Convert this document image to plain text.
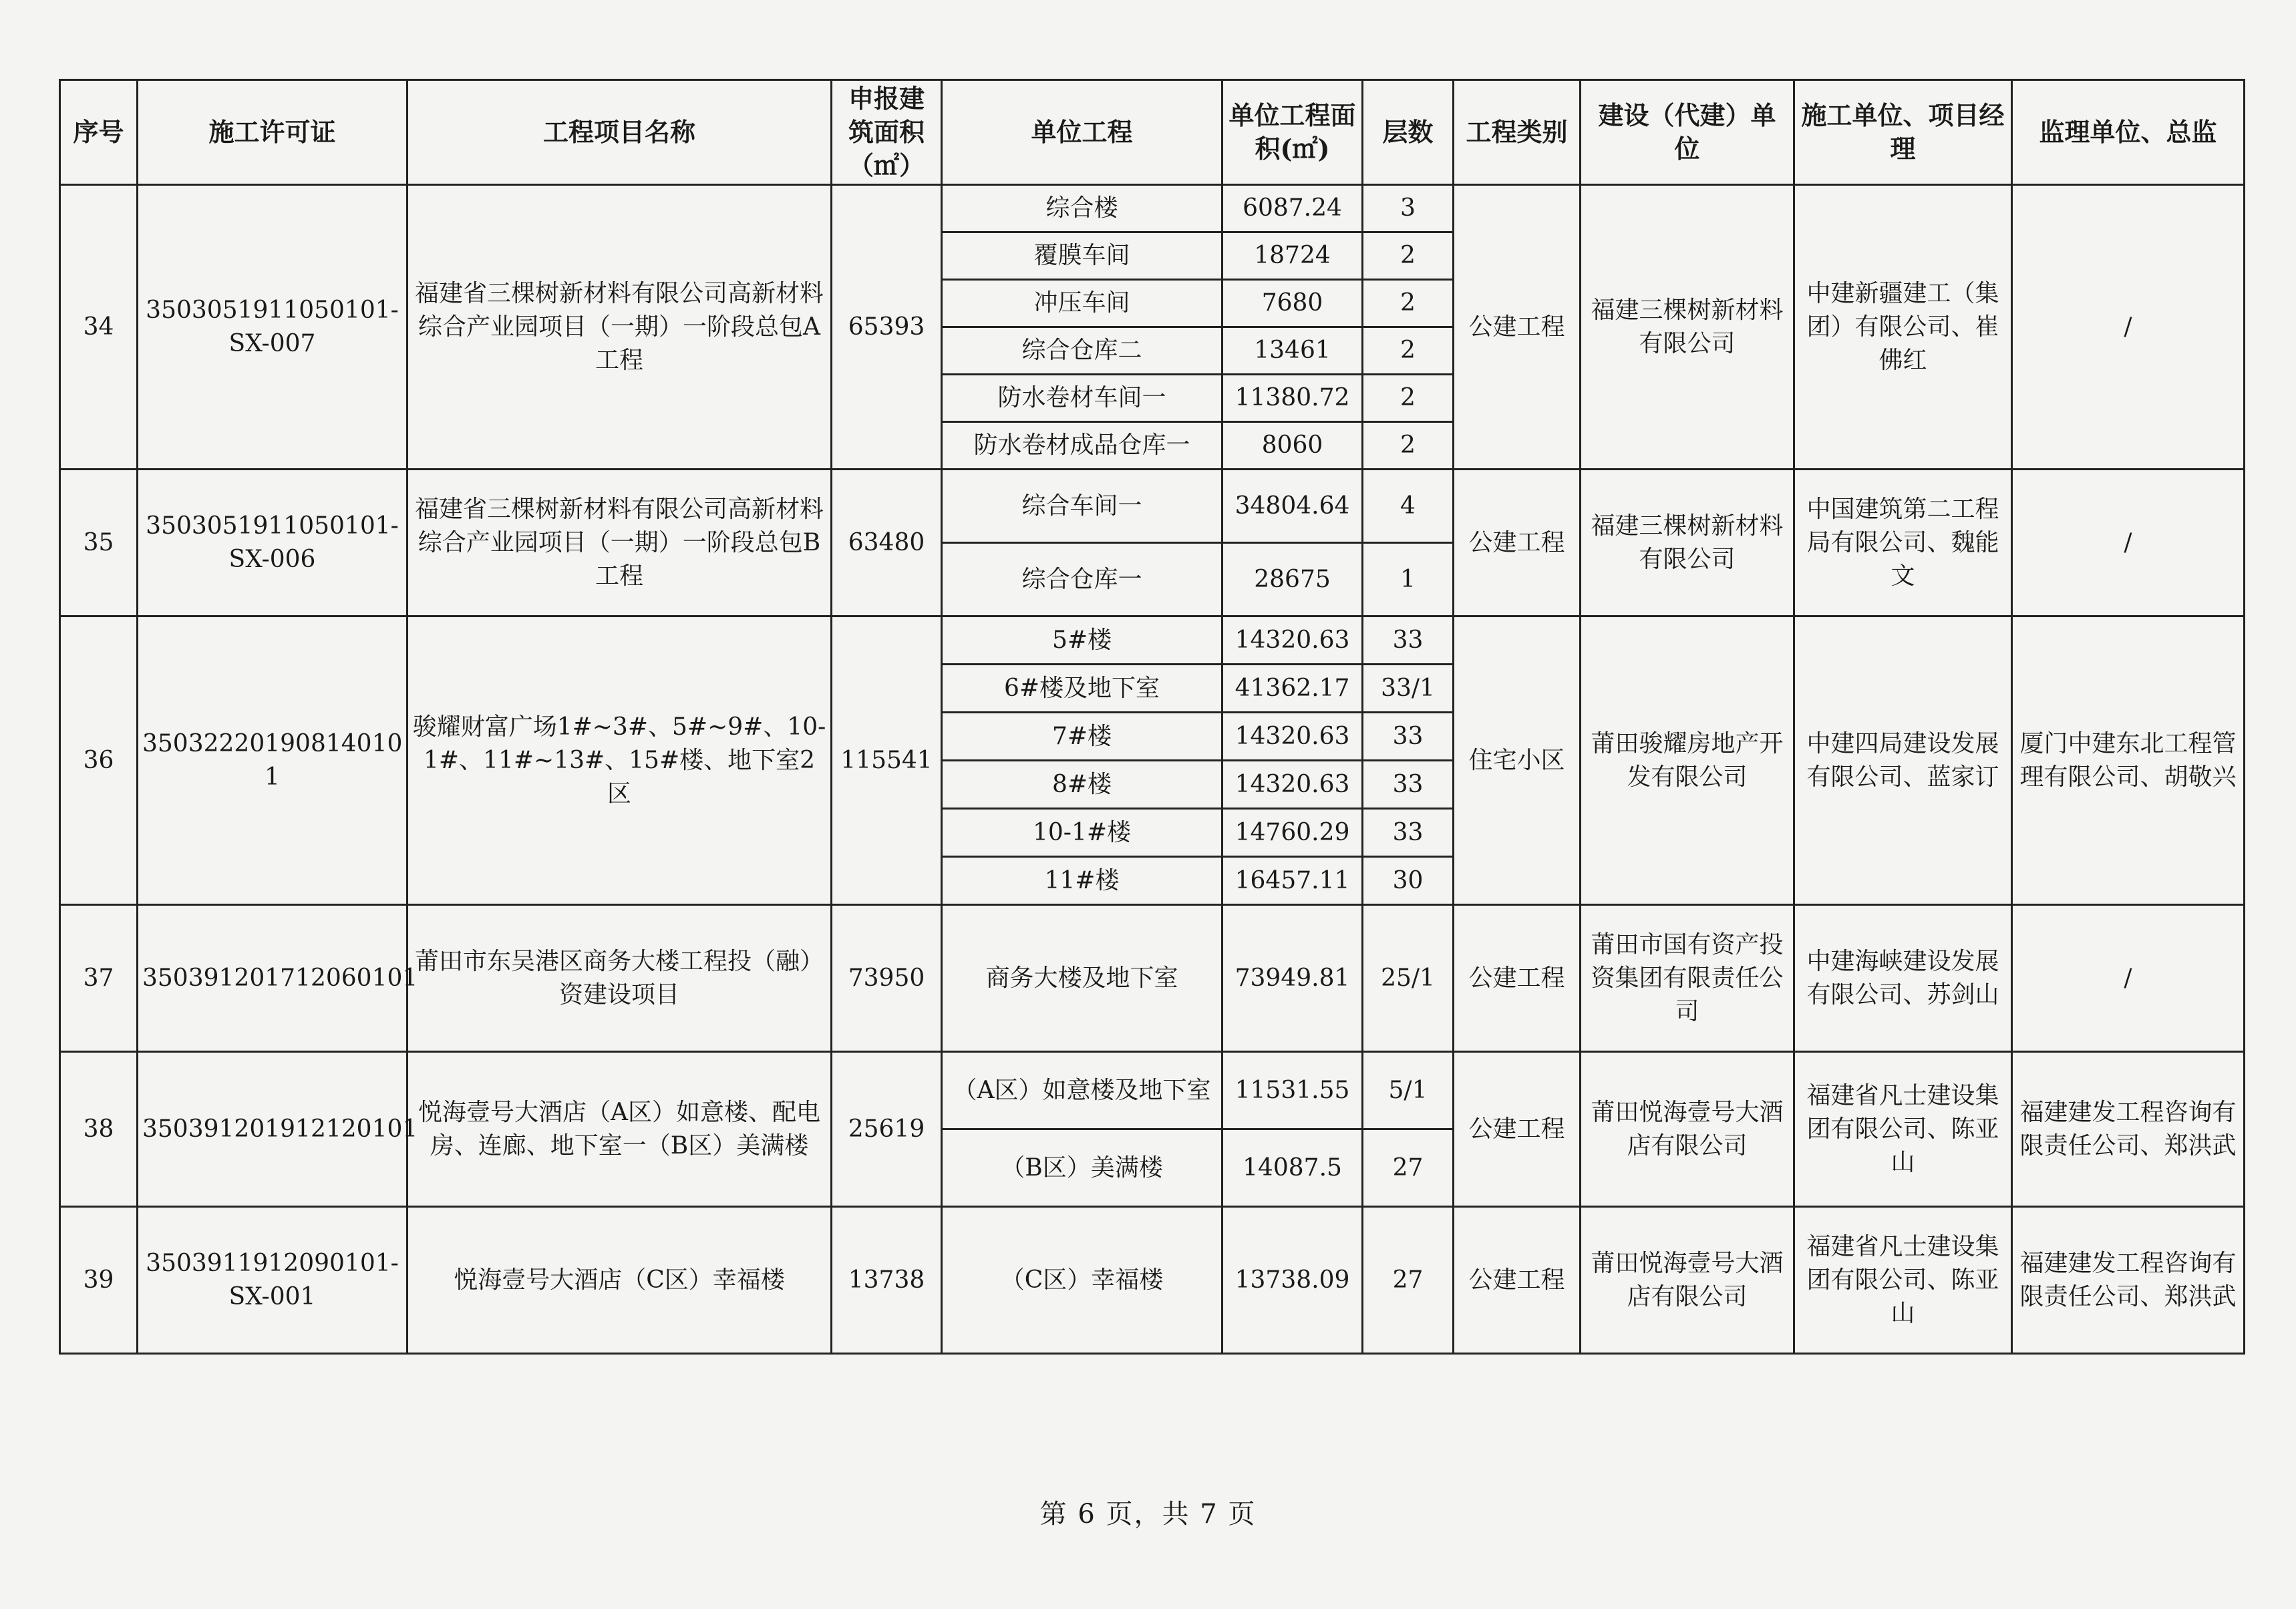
序号	施工许可证	工程项目名称	申报建筑面积（㎡）	单位工程	单位工程面积(㎡)	层数	工程类别	建设（代建）单 位	施工单位、项目经理	监理单位、总监
34	3503051911050101-SX-007	福建省三棵树新材料有限公司高新材料综合产业园项目（一期）一阶段总包A工程	65393	综合楼	6087.24	3	公建工程	福建三棵树新材料有限公司	中建新疆建工（集团）有限公司、崔佛红	/
				覆膜车间	18724	2				
				冲压车间	7680	2				
				综合仓库二	13461	2				
				防水卷材车间一	11380.72	2				
				防水卷材成品仓库一	8060	2				
35	3503051911050101-SX-006	福建省三棵树新材料有限公司高新材料综合产业园项目（一期）一阶段总包B工程	63480	综合车间一	34804.64	4	公建工程	福建三棵树新材料有限公司	中国建筑第二工程局有限公司、魏能文	/
				综合仓库一	28675	1				
36	35032220190814010 1	骏耀财富广场1#~3#、5#~9#、10-1#、11#~13#、15#楼、地下室2区	115541	5#楼	14320.63	33	住宅小区	莆田骏耀房地产开发有限公司	中建四局建设发展有限公司、蓝家订	厦门中建东北工程管理有限公司、胡敬兴
				6#楼及地下室	41362.17	33/1				
				7#楼	14320.63	33				
				8#楼	14320.63	33				
				10-1#楼	14760.29	33				
				11#楼	16457.11	30				
37	350391201712060101	莆田市东吴港区商务大楼工程投（融）资建设项目	73950	商务大楼及地下室	73949.81	25/1	公建工程	莆田市国有资产投资集团有限责任公司	中建海峡建设发展有限公司、苏剑山	/
38	350391201912120101	悦海壹号大酒店（A区）如意楼、配电房、连廊、地下室一（B区）美满楼	25619	（A区）如意楼及地下室	11531.55	5/1	公建工程	莆田悦海壹号大酒店有限公司	福建省凡士建设集团有限公司、陈亚山	福建建发工程咨询有限责任公司、郑洪武
				（B区）美满楼	14087.5	27				
39	3503911912090101-SX-001	悦海壹号大酒店（C区）幸福楼	13738	（C区）幸福楼	13738.09	27	公建工程	莆田悦海壹号大酒店有限公司	福建省凡士建设集团有限公司、陈亚山	福建建发工程咨询有限责任公司、郑洪武
第 6 页，共 7 页
